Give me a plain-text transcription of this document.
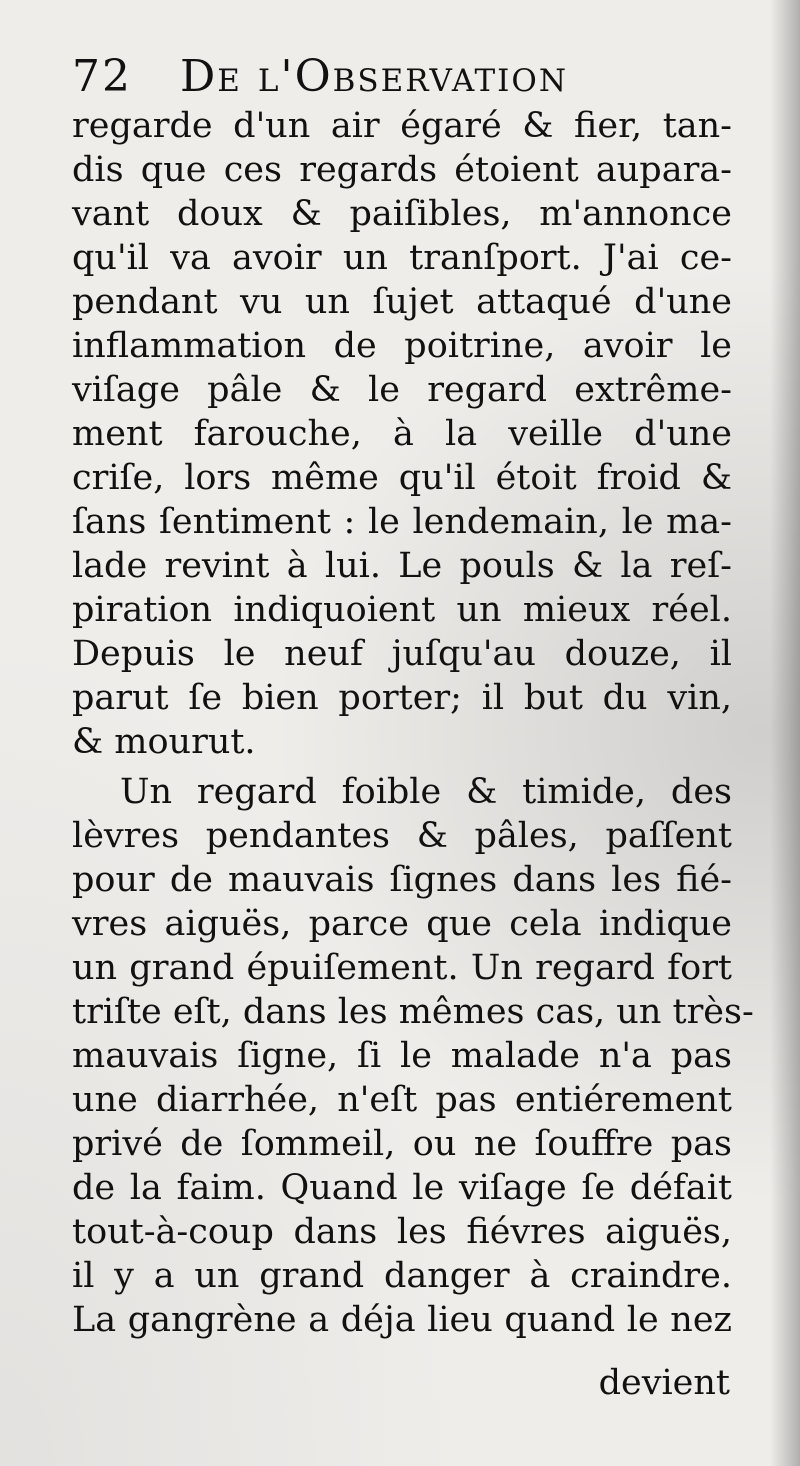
72 De l'Observation
regarde d'un air égaré & fier, tan-
dis que ces regards étoient aupara-
vant doux & paiſibles, m'annonce
qu'il va avoir un tranſport. J'ai ce-
pendant vu un ſujet attaqué d'une
inflammation de poitrine, avoir le
viſage pâle & le regard extrême-
ment farouche, à la veille d'une
criſe, lors même qu'il étoit froid &
ſans ſentiment : le lendemain, le ma-
lade revint à lui. Le pouls & la reſ-
piration indiquoient un mieux réel.
Depuis le neuf juſqu'au douze, il
parut ſe bien porter; il but du vin,
& mourut.
Un regard foible & timide, des
lèvres pendantes & pâles, paſſent
pour de mauvais ſignes dans les fié-
vres aiguës, parce que cela indique
un grand épuiſement. Un regard fort
triſte eſt, dans les mêmes cas, un très-
mauvais ſigne, ſi le malade n'a pas
une diarrhée, n'eſt pas entiérement
privé de ſommeil, ou ne ſouffre pas
de la faim. Quand le viſage ſe défait
tout-à-coup dans les fiévres aiguës,
il y a un grand danger à craindre.
La gangrène a déja lieu quand le nez
devient
